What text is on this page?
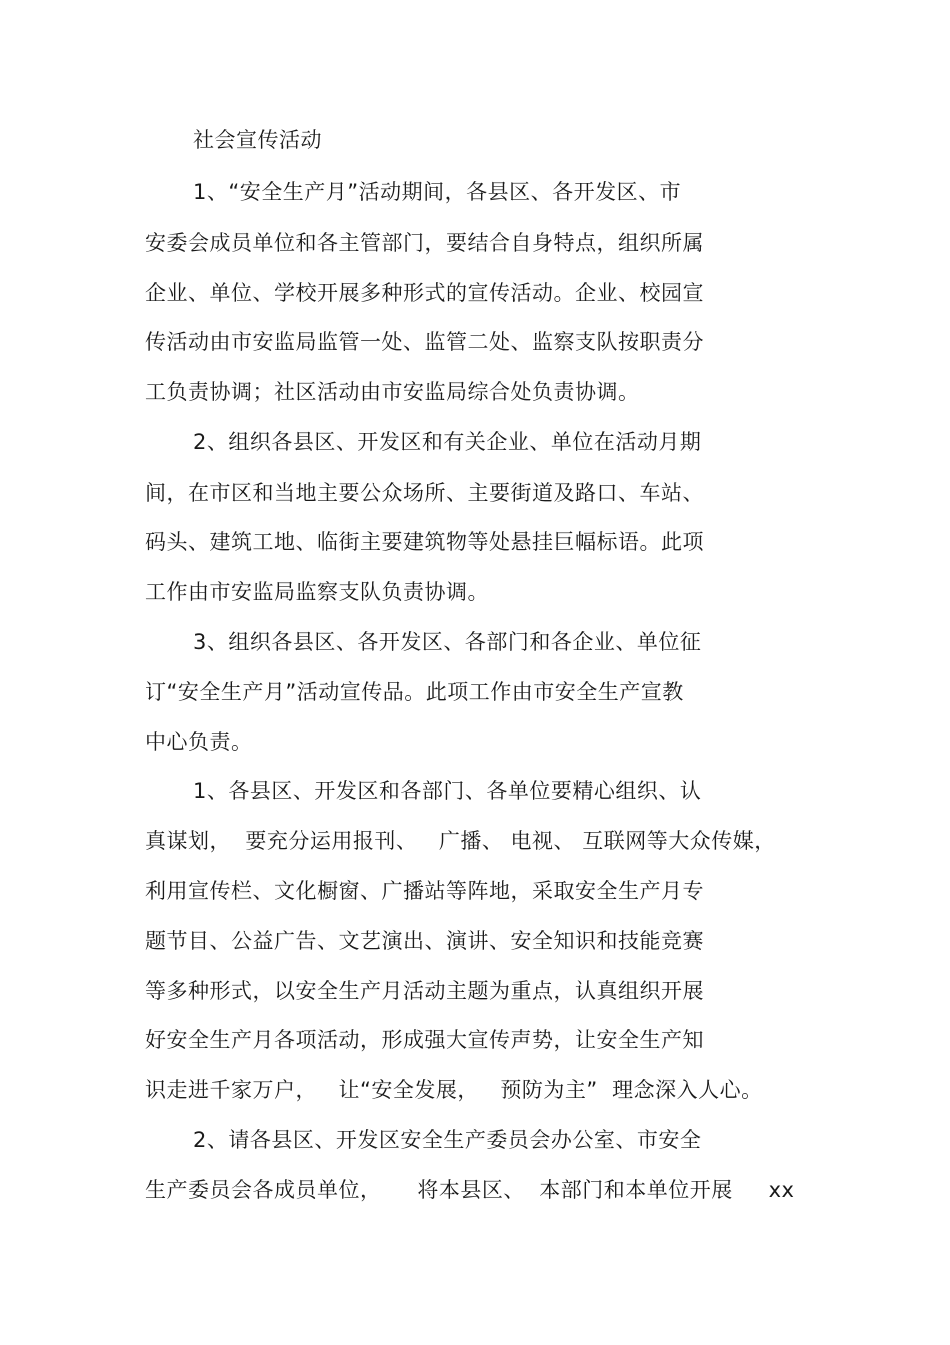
社会宣传活动
1、“安全生产月”活动期间，各县区、各开发区、市
安委会成员单位和各主管部门，要结合自身特点，组织所属
企业、单位、学校开展多种形式的宣传活动。企业、校园宣
传活动由市安监局监管一处、监管二处、监察支队按职责分
工负责协调；社区活动由市安监局综合处负责协调。
2、组织各县区、开发区和有关企业、单位在活动月期
间，在市区和当地主要公众场所、主要街道及路口、车站、
码头、建筑工地、临街主要建筑物等处悬挂巨幅标语。此项
工作由市安监局监察支队负责协调。
3、组织各县区、各开发区、各部门和各企业、单位征
订“安全生产月”活动宣传品。此项工作由市安全生产宣教
中心负责。
1、各县区、开发区和各部门、各单位要精心组织、认
真谋划，  要充分运用报刊、   广播、 电视、 互联网等大众传媒，
利用宣传栏、文化橱窗、广播站等阵地，采取安全生产月专
题节目、公益广告、文艺演出、演讲、安全知识和技能竞赛
等多种形式，以安全生产月活动主题为重点，认真组织开展
好安全生产月各项活动，形成强大宣传声势，让安全生产知
识走进千家万户，   让“安全发展，   预防为主”  理念深入人心。
2、请各县区、开发区安全生产委员会办公室、市安全
生产委员会各成员单位，     将本县区、  本部门和本单位开展     xx
